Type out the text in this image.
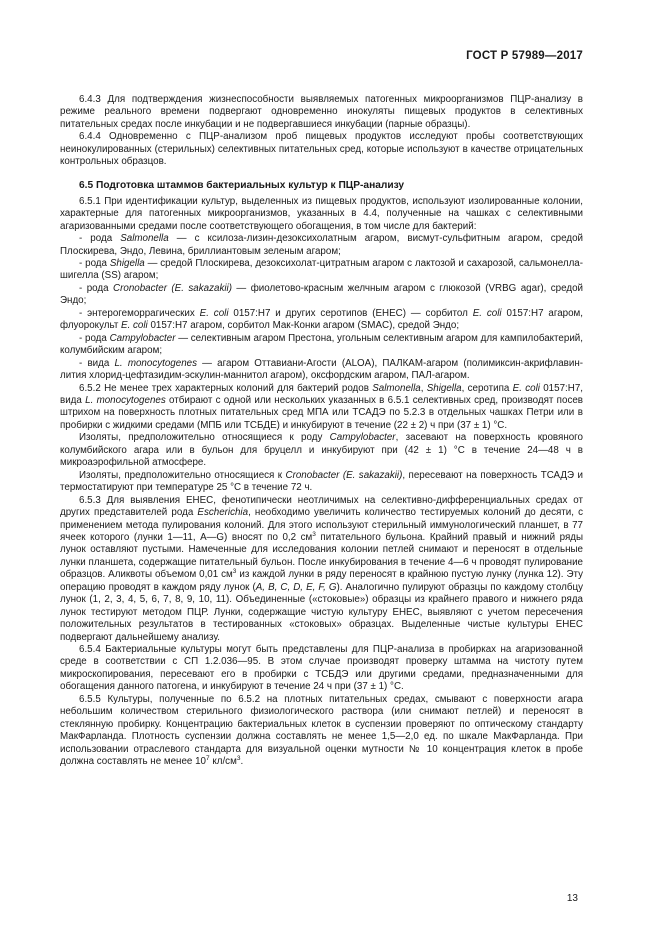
ГОСТ Р 57989—2017

6.4.3 Для подтверждения жизнеспособности выявляемых патогенных микроорганизмов ПЦР-анализу в режиме реального времени подвергают одновременно инокуляты пищевых продуктов в селективных питательных средах после инкубации и не подвергавшиеся инкубации (парные образцы).

6.4.4 Одновременно с ПЦР-анализом проб пищевых продуктов исследуют пробы соответствующих неинокулированных (стерильных) селективных питательных сред, которые используют в качестве отрицательных контрольных образцов.

6.5 Подготовка штаммов бактериальных культур к ПЦР-анализу

6.5.1 При идентификации культур, выделенных из пищевых продуктов, используют изолированные колонии, характерные для патогенных микроорганизмов, указанных в 4.4, полученные на чашках с селективными агаризованными средами после соответствующего обогащения, в том числе для бактерий:

- рода Salmonella — с ксилоза-лизин-дезоксихолатным агаром, висмут-сульфитным агаром, средой Плоскирева, Эндо, Левина, бриллиантовым зеленым агаром;

- рода Shigella — средой Плоскирева, дезоксихолат-цитратным агаром с лактозой и сахарозой, сальмонелла-шигелла (SS) агаром;

- рода Cronobacter (E. sakazakii) — фиолетово-красным желчным агаром с глюкозой (VRBG agar), средой Эндо;

- энтерогеморрагических E. coli 0157:H7 и других серотипов (EHEC) — сорбитол E. coli 0157:H7 агаром, флуорокульт E. coli 0157:H7 агаром, сорбитол Мак-Конки агаром (SMAC), средой Эндо;

- рода Campylobacter — селективным агаром Престона, угольным селективным агаром для кампилобактерий, колумбийским агаром;

- вида L. monocytogenes — агаром Оттавиани-Агости (ALOA), ПАЛКАМ-агаром (полимиксин-акрифлавин-лития хлорид-цефтазидим-эскулин-маннитол агаром), оксфордским агаром, ПАЛ-агаром.

6.5.2 Не менее трех характерных колоний для бактерий родов Salmonella, Shigella, серотипа E. coli 0157:H7, вида L. monocytogenes отбирают с одной или нескольких указанных в 6.5.1 селективных сред, производят посев штрихом на поверхность плотных питательных сред МПА или ТСАДЭ по 5.2.3 в отдельных чашках Петри или в пробирки с жидкими средами (МПБ или ТСБДЕ) и инкубируют в течение (22 ± 2) ч при (37 ± 1) °С.

Изоляты, предположительно относящиеся к роду Campylobacter, засевают на поверхность кровяного колумбийского агара или в бульон для бруцелл и инкубируют при (42 ± 1) °С в течение 24—48 ч в микроаэрофильной атмосфере.

Изоляты, предположительно относящиеся к Cronobacter (E. sakazakii), пересевают на поверхность ТСАДЭ и термостатируют при температуре 25 °С в течение 72 ч.

6.5.3 Для выявления EHEC, фенотипически неотличимых на селективно-дифференциальных средах от других представителей рода Escherichia, необходимо увеличить количество тестируемых колоний до десяти, с применением метода пулирования колоний. Для этого используют стерильный иммунологический планшет, в 77 ячеек которого (лунки 1—11, A—G) вносят по 0,2 $см^3$ питательного бульона. Крайний правый и нижний ряды лунок оставляют пустыми. Намеченные для исследования колонии петлей снимают и переносят в отдельные лунки планшета, содержащие питательный бульон. После инкубирования в течение 4—6 ч проводят пулирование образцов. Аликвоты объемом 0,01 $см^3$ из каждой лунки в ряду переносят в крайнюю пустую лунку (лунка 12). Эту операцию проводят в каждом ряду лунок (A, B, C, D, E, F, G). Аналогично пулируют образцы по каждому столбцу лунок (1, 2, 3, 4, 5, 6, 7, 8, 9, 10, 11). Объединенные («стоковые») образцы из крайнего правого и нижнего ряда лунок тестируют методом ПЦР. Лунки, содержащие чистую культуру EHEC, выявляют с учетом пересечения положительных результатов в тестированных «стоковых» образцах. Выделенные чистые культуры EHEC подвергают дальнейшему анализу.

6.5.4 Бактериальные культуры могут быть представлены для ПЦР-анализа в пробирках на агаризованной среде в соответствии с СП 1.2.036—95. В этом случае производят проверку штамма на чистоту путем микроскопирования, пересевают его в пробирки с ТСБДЭ или другими средами, предназначенными для обогащения данного патогена, и инкубируют в течение 24 ч при (37 ± 1) °С.

6.5.5 Культуры, полученные по 6.5.2 на плотных питательных средах, смывают с поверхности агара небольшим количеством стерильного физиологического раствора (или снимают петлей) и переносят в стеклянную пробирку. Концентрацию бактериальных клеток в суспензии проверяют по оптическому стандарту МакФарланда. Плотность суспензии должна составлять не менее 1,5—2,0 ед. по шкале МакФарланда. При использовании отраслевого стандарта для визуальной оценки мутности № 10 концентрация клеток в пробе должна составлять не менее $10^7$ $кл/см^3$.

13
